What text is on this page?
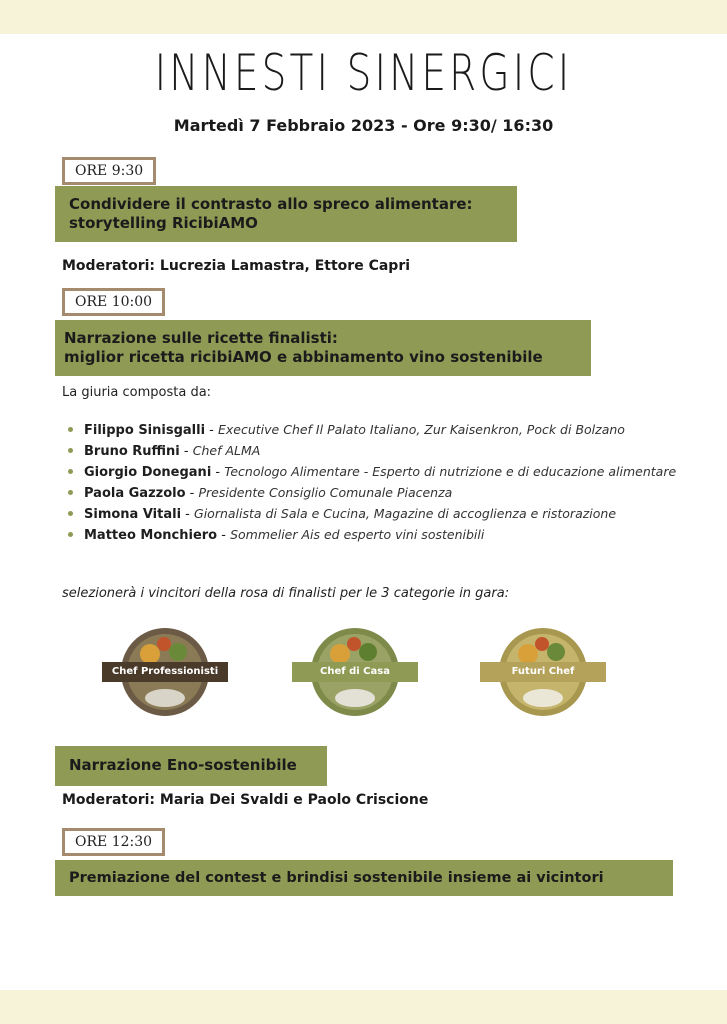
INNESTI SINERGICI
Martedì 7 Febbraio 2023 - Ore 9:30/ 16:30
ORE 9:30
Condividere il contrasto allo spreco alimentare:
storytelling RicibiAMO
Moderatori: Lucrezia Lamastra, Ettore Capri
ORE 10:00
Narrazione sulle ricette finalisti:
miglior ricetta ricibiAMO e abbinamento vino sostenibile
La giuria composta da:
Filippo Sinisgalli - Executive Chef Il Palato Italiano, Zur Kaisenkron, Pock di Bolzano
Bruno Ruffini - Chef ALMA
Giorgio Donegani - Tecnologo Alimentare - Esperto di nutrizione e di educazione alimentare
Paola Gazzolo - Presidente Consiglio Comunale Piacenza
Simona Vitali - Giornalista di Sala e Cucina, Magazine di accoglienza e ristorazione
Matteo Monchiero - Sommelier Ais ed esperto vini sostenibili
selezionerà i vincitori della rosa di finalisti per le 3 categorie in gara:
Chef Professionisti	Chef di Casa	Futuri Chef
Narrazione Eno-sostenibile
Moderatori: Maria Dei Svaldi e Paolo Criscione
ORE 12:30
Premiazione del contest e brindisi sostenibile insieme ai vicintori
